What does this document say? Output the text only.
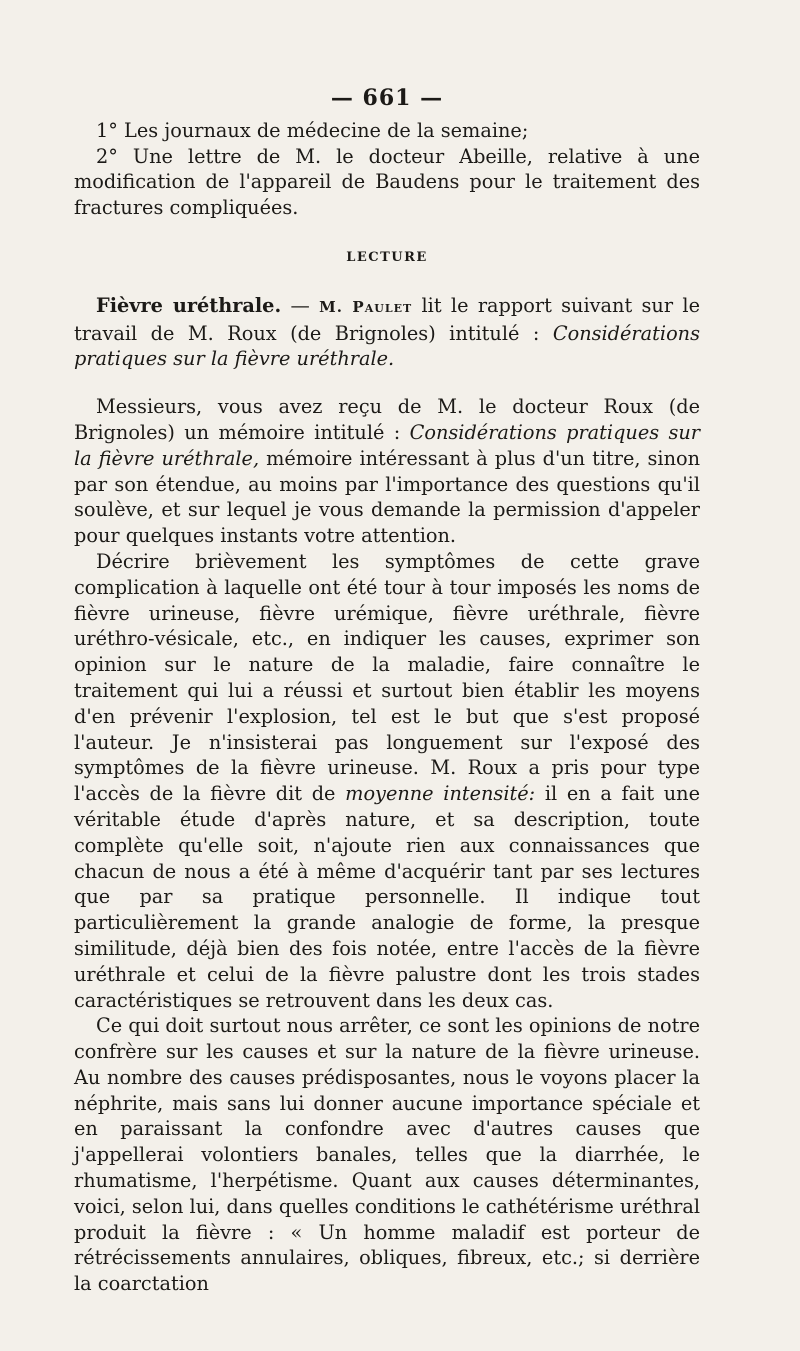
— 661 —

1° Les journaux de médecine de la semaine;

2° Une lettre de M. le docteur Abeille, relative à une modification de l'appareil de Baudens pour le traitement des fractures compliquées.

LECTURE

Fièvre uréthrale. — M. Paulet lit le rapport suivant sur le travail de M. Roux (de Brignoles) intitulé : Considérations pratiques sur la fièvre uréthrale.

Messieurs, vous avez reçu de M. le docteur Roux (de Brignoles) un mémoire intitulé : Considérations pratiques sur la fièvre uréthrale, mémoire intéressant à plus d'un titre, sinon par son étendue, au moins par l'importance des questions qu'il soulève, et sur lequel je vous demande la permission d'appeler pour quelques instants votre attention.

Décrire brièvement les symptômes de cette grave complication à laquelle ont été tour à tour imposés les noms de fièvre urineuse, fièvre urémique, fièvre uréthrale, fièvre uréthro-vésicale, etc., en indiquer les causes, exprimer son opinion sur le nature de la maladie, faire connaître le traitement qui lui a réussi et surtout bien établir les moyens d'en prévenir l'explosion, tel est le but que s'est proposé l'auteur. Je n'insisterai pas longuement sur l'exposé des symptômes de la fièvre urineuse. M. Roux a pris pour type l'accès de la fièvre dit de moyenne intensité: il en a fait une véritable étude d'après nature, et sa description, toute complète qu'elle soit, n'ajoute rien aux connaissances que chacun de nous a été à même d'acquérir tant par ses lectures que par sa pratique personnelle. Il indique tout particulièrement la grande analogie de forme, la presque similitude, déjà bien des fois notée, entre l'accès de la fièvre uréthrale et celui de la fièvre palustre dont les trois stades caractéristiques se retrouvent dans les deux cas.

Ce qui doit surtout nous arrêter, ce sont les opinions de notre confrère sur les causes et sur la nature de la fièvre urineuse. Au nombre des causes prédisposantes, nous le voyons placer la néphrite, mais sans lui donner aucune importance spéciale et en paraissant la confondre avec d'autres causes que j'appellerai volontiers banales, telles que la diarrhée, le rhumatisme, l'herpétisme. Quant aux causes déterminantes, voici, selon lui, dans quelles conditions le cathétérisme uréthral produit la fièvre : « Un homme maladif est porteur de rétrécissements annulaires, obliques, fibreux, etc.; si derrière la coarctation
